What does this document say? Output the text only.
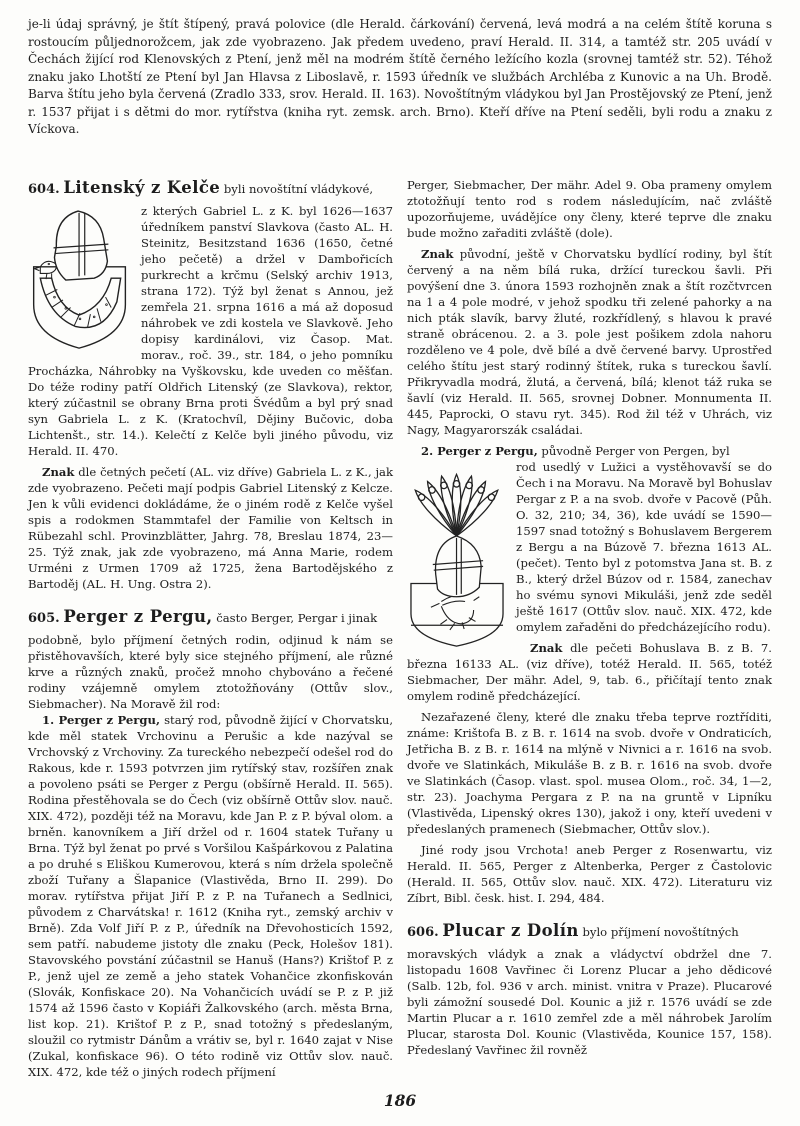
je-li údaj správný, je štít štípený, pravá polovice (dle Herald. čárkování) červená, levá modrá a na celém štítě koruna s rostoucím půljednorožcem, jak zde vyobrazeno. Jak předem uvedeno, praví Herald. II. 314, a tamtéž str. 205 uvádí v Čechách žijící rod Klenovských z Ptení, jenž měl na modrém štítě černého ležícího kozla (srovnej tamtéž str. 52). Téhož znaku jako Lhotští ze Ptení byl Jan Hlavsa z Liboslavě, r. 1593 úředník ve službách Archléba z Kunovic a na Uh. Brodě. Barva štítu jeho byla červená (Zradlo 333, srov. Herald. II. 163). Novoštítným vládykou byl Jan Prostějovský ze Ptení, jenž r. 1537 přijat i s dětmi do mor. rytířstva (kniha ryt. zemsk. arch. Brno). Kteří dříve na Ptení seděli, byli rodu a znaku z Víckova.

604. Litenský z Kelče byli novoštítní vládykové,

z kterých Gabriel L. z K. byl 1626—1637 úředníkem panství Slavkova (často AL. H. Steinitz, Besitzstand 1636 (1650, četné jeho pečetě) a držel v Dambořicích purkrecht a krčmu (Selský archiv 1913, strana 172). Týž byl ženat s Annou, jež zemřela 21. srpna 1616 a má až doposud náhrobek ve zdi kostela ve Slavkově. Jeho dopisy kardinálovi, viz Časop. Mat. morav., roč. 39., str. 184, o jeho pomníku Procházka, Náhrobky na Vyškovsku, kde uveden co měšťan. Do téže rodiny patří Oldřich Litenský (ze Slavkova), rektor, který zúčastnil se obrany Brna proti Švédům a byl prý snad syn Gabriela L. z K. (Kratochvíl, Dějiny Bučovic, doba Lichtenšt., str. 14.). Kelečtí z Kelče byli jiného původu, viz Herald. II. 470.

Znak dle četných pečetí (AL. viz dříve) Gabriela L. z K., jak zde vyobrazeno. Pečeti mají podpis Gabriel Litenský z Kelcze. Jen k vůli evidenci dokládáme, že o jiném rodě z Kelče vyšel spis a rodokmen Stammtafel der Familie von Keltsch in Rübezahl schl. Provinzblätter, Jahrg. 78, Breslau 1874, 23—25. Týž znak, jak zde vyobrazeno, má Anna Marie, rodem Urméni z Urmen 1709 až 1725, žena Bartodějského z Bartoděj (AL. H. Ung. Ostra 2).

605. Perger z Pergu, často Berger, Pergar i jinak

podobně, bylo příjmení četných rodin, odjinud k nám se přistěhovavších, které byly sice stejného příjmení, ale různé krve a různých znaků, pročež mnoho chybováno a řečené rodiny vzájemně omylem ztotožňovány (Ottův slov., Siebmacher). Na Moravě žil rod:

1. Perger z Pergu, starý rod, původně žijící v Chorvatsku, kde měl statek Vrchovinu a Perušic a kde nazýval se Vrchovský z Vrchoviny. Za tureckého nebezpečí odešel rod do Rakous, kde r. 1593 potvrzen jim rytířský stav, rozšířen znak a povoleno psáti se Perger z Pergu (obšírně Herald. II. 565). Rodina přestěhovala se do Čech (viz obšírně Ottův slov. nauč. XIX. 472), později též na Moravu, kde Jan P. z P. býval olom. a brněn. kanovníkem a Jiří držel od r. 1604 statek Tuřany u Brna. Týž byl ženat po prvé s Voršilou Kašpárkovou z Palatina a po druhé s Eliškou Kumerovou, která s ním držela společně zboží Tuřany a Šlapanice (Vlastivěda, Brno II. 299). Do morav. rytířstva přijat Jiří P. z P. na Tuřanech a Sedlnici, původem z Charvátska! r. 1612 (Kniha ryt., zemský archiv v Brně). Zda Volf Jiří P. z P., úředník na Dřevohosticích 1592, sem patří. nabudeme jistoty dle znaku (Peck, Holešov 181). Stavovského povstání zúčastnil se Hanuš (Hans?) Krištof P. z P., jenž ujel ze země a jeho statek Vohančice zkonfiskován (Slovák, Konfiskace 20). Na Vohančicích uvádí se P. z P. již 1574 až 1596 často v Kopiáři Žalkovského (arch. města Brna, list kop. 21). Krištof P. z P., snad totožný s předeslaným, sloužil co rytmistr Dánům a vrátiv se, byl r. 1640 zajat v Nise (Zukal, konfiskace 96). O této rodině viz Ottův slov. nauč. XIX. 472, kde též o jiných rodech příjmení

Perger, Siebmacher, Der mähr. Adel 9. Oba prameny omylem ztotožňují tento rod s rodem následujícím, nač zvláště upozorňujeme, uvádějíce ony členy, které teprve dle znaku bude možno zařaditi zvláště (dole).

Znak původní, ještě v Chorvatsku bydlící rodiny, byl štít červený a na něm bílá ruka, držící tureckou šavli. Při povýšení dne 3. února 1593 rozhojněn znak a štít rozčtvrcen na 1 a 4 pole modré, v jehož spodku tři zelené pahorky a na nich pták slavík, barvy žluté, rozkřídlený, s hlavou k pravé straně obrácenou. 2. a 3. pole jest pošikem zdola nahoru rozděleno ve 4 pole, dvě bílé a dvě červené barvy. Uprostřed celého štítu jest starý rodinný štítek, ruka s tureckou šavlí. Přikryvadla modrá, žlutá, a červená, bílá; klenot táž ruka se šavlí (viz Herald. II. 565, srovnej Dobner. Monnumenta II. 445, Paprocki, O stavu ryt. 345). Rod žil též v Uhrách, viz Nagy, Magyarorszák családai.

2. Perger z Pergu, původně Perger von Pergen, byl

rod usedlý v Lužici a vystěhovavší se do Čech i na Moravu. Na Moravě byl Bohuslav Pergar z P. a na svob. dvoře v Pacově (Půh. O. 32, 210; 34, 36), kde uvádí se 1590—1597 snad totožný s Bohuslavem Bergerem z Bergu a na Búzově 7. března 1613 AL. (pečet). Tento byl z potomstva Jana st. B. z B., který držel Búzov od r. 1584, zanechav ho svému synovi Mikuláši, jenž zde seděl ještě 1617 (Ottův slov. nauč. XIX. 472, kde omylem zařaděni do předcházejícího rodu).

Znak dle pečeti Bohuslava B. z B. 7. března 16133 AL. (viz dříve), totéž Herald. II. 565, totéž Siebmacher, Der mähr. Adel, 9, tab. 6., přičítají tento znak omylem rodině předcházející.

Nezařazené členy, které dle znaku třeba teprve roztříditi, známe: Krištofa B. z B. r. 1614 na svob. dvoře v Ondraticích, Jetřicha B. z B. r. 1614 na mlýně v Nivnici a r. 1616 na svob. dvoře ve Slatinkách, Mikuláše B. z B. r. 1616 na svob. dvoře ve Slatinkách (Časop. vlast. spol. musea Olom., roč. 34, 1—2, str. 23). Joachyma Pergara z P. na na gruntě v Lipníku (Vlastivěda, Lipenský okres 130), jakož i ony, kteří uvedeni v předeslaných pramenech (Siebmacher, Ottův slov.).

Jiné rody jsou Vrchota! aneb Perger z Rosenwartu, viz Herald. II. 565, Perger z Altenberka, Perger z Častolovic (Herald. II. 565, Ottův slov. nauč. XIX. 472). Literaturu viz Zíbrt, Bibl. česk. hist. I. 294, 484.

606. Plucar z Dolín bylo příjmení novoštítných

moravských vládyk a znak a vládyctví obdržel dne 7. listopadu 1608 Vavřinec či Lorenz Plucar a jeho dědicové (Salb. 12b, fol. 936 v arch. minist. vnitra v Praze). Plucarové byli zámožní sousedé Dol. Kounic a již r. 1576 uvádí se zde Martin Plucar a r. 1610 zemřel zde a měl náhrobek Jarolím Plucar, starosta Dol. Kounic (Vlastivěda, Kounice 157, 158). Předeslaný Vavřinec žil rovněž

186
